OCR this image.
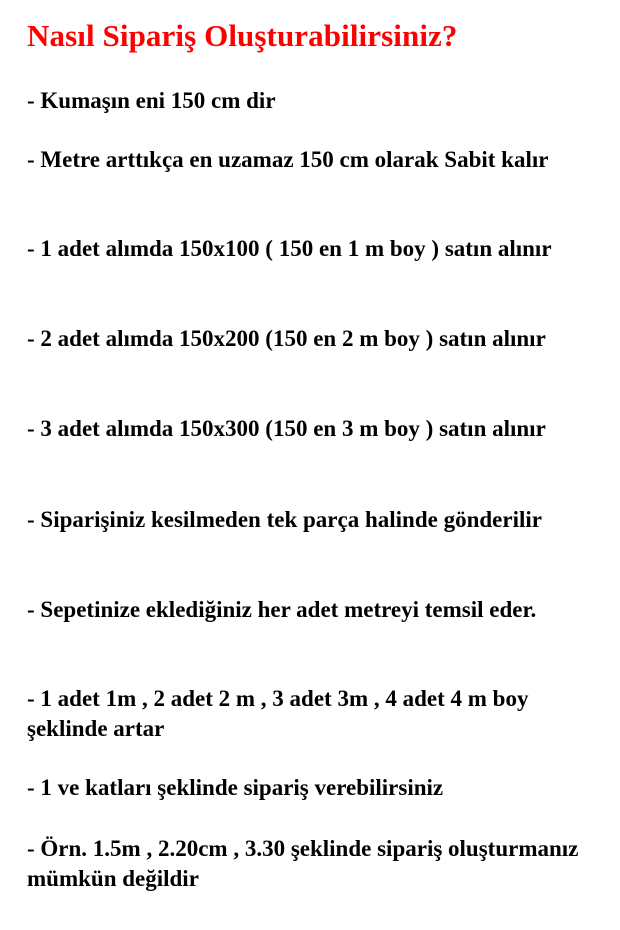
Nasıl Sipariş Oluşturabilirsiniz?
- Kumaşın eni 150 cm dir
- Metre arttıkça en uzamaz 150 cm olarak Sabit kalır
- 1 adet alımda 150x100 ( 150 en 1 m boy ) satın alınır
- 2 adet alımda 150x200 (150 en 2 m boy ) satın alınır
- 3 adet alımda 150x300 (150 en 3 m boy ) satın alınır
- Siparişiniz kesilmeden tek parça halinde gönderilir
- Sepetinize eklediğiniz her adet metreyi temsil eder.
- 1 adet 1m , 2 adet 2 m , 3 adet 3m , 4 adet 4 m boy şeklinde artar
- 1 ve katları şeklinde sipariş verebilirsiniz
- Örn. 1.5m , 2.20cm , 3.30 şeklinde sipariş oluşturmanız mümkün değildir
